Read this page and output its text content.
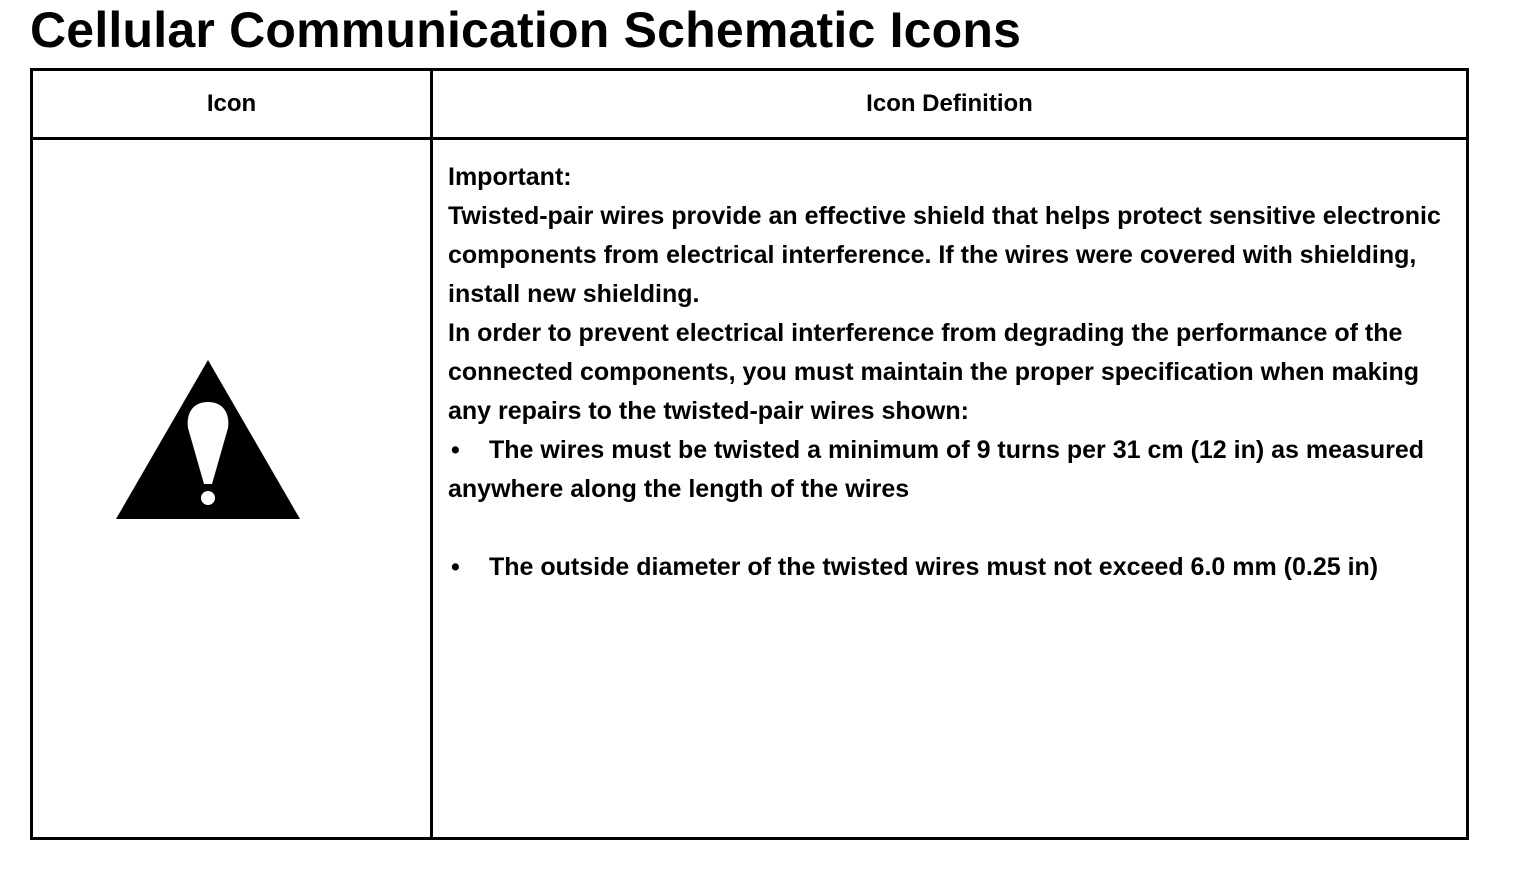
Cellular Communication Schematic Icons
Icon	Icon Definition

Important:

Twisted-pair wires provide an effective shield that helps protect sensitive electronic components from electrical interference. If the wires were covered with shielding, install new shielding.

In order to prevent electrical interference from degrading the performance of the connected components, you must maintain the proper specification when making any repairs to the twisted-pair wires shown:

• The wires must be twisted a minimum of 9 turns per 31 cm (12 in) as measured anywhere along the length of the wires

• The outside diameter of the twisted wires must not exceed 6.0 mm (0.25 in)
